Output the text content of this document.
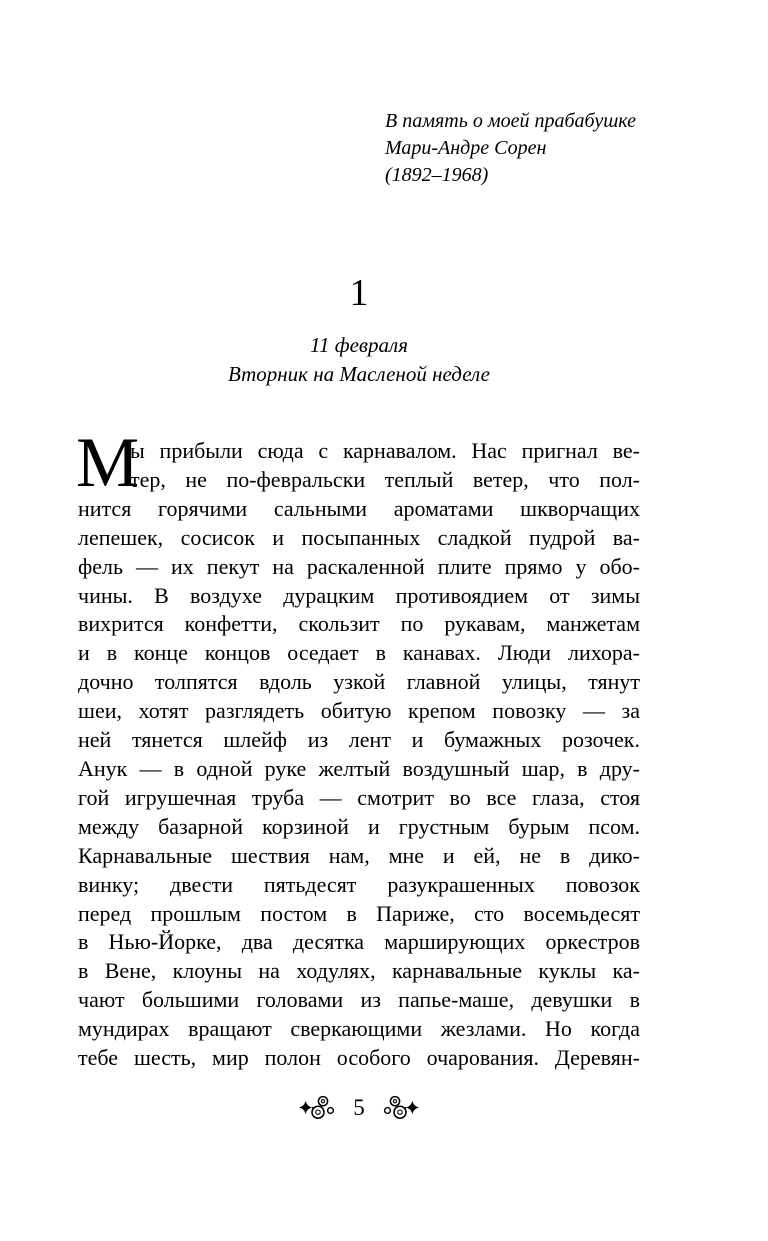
В память о моей прабабушке
Мари-Андре Сорен
(1892–1968)
1
11 февраля
Вторник на Масленой неделе
М
ы прибыли сюда с карнавалом. Нас пригнал ве-
тер, не по-февральски теплый ветер, что пол-
нится горячими сальными ароматами шкворчащих
лепешек, сосисок и посыпанных сладкой пудрой ва-
фель — их пекут на раскаленной плите прямо у обо-
чины. В воздухе дурацким противоядием от зимы
вихрится конфетти, скользит по рукавам, манжетам
и в конце концов оседает в канавах. Люди лихора-
дочно толпятся вдоль узкой главной улицы, тянут
шеи, хотят разглядеть обитую крепом повозку — за
ней тянется шлейф из лент и бумажных розочек.
Анук — в одной руке желтый воздушный шар, в дру-
гой игрушечная труба — смотрит во все глаза, стоя
между базарной корзиной и грустным бурым псом.
Карнавальные шествия нам, мне и ей, не в дико-
винку; двести пятьдесят разукрашенных повозок
перед прошлым постом в Париже, сто восемьдесят
в Нью-Йорке, два десятка марширующих оркестров
в Вене, клоуны на ходулях, карнавальные куклы ка-
чают большими головами из папье-маше, девушки в
мундирах вращают сверкающими жезлами. Но когда
тебе шесть, мир полон особого очарования. Деревян-
5
